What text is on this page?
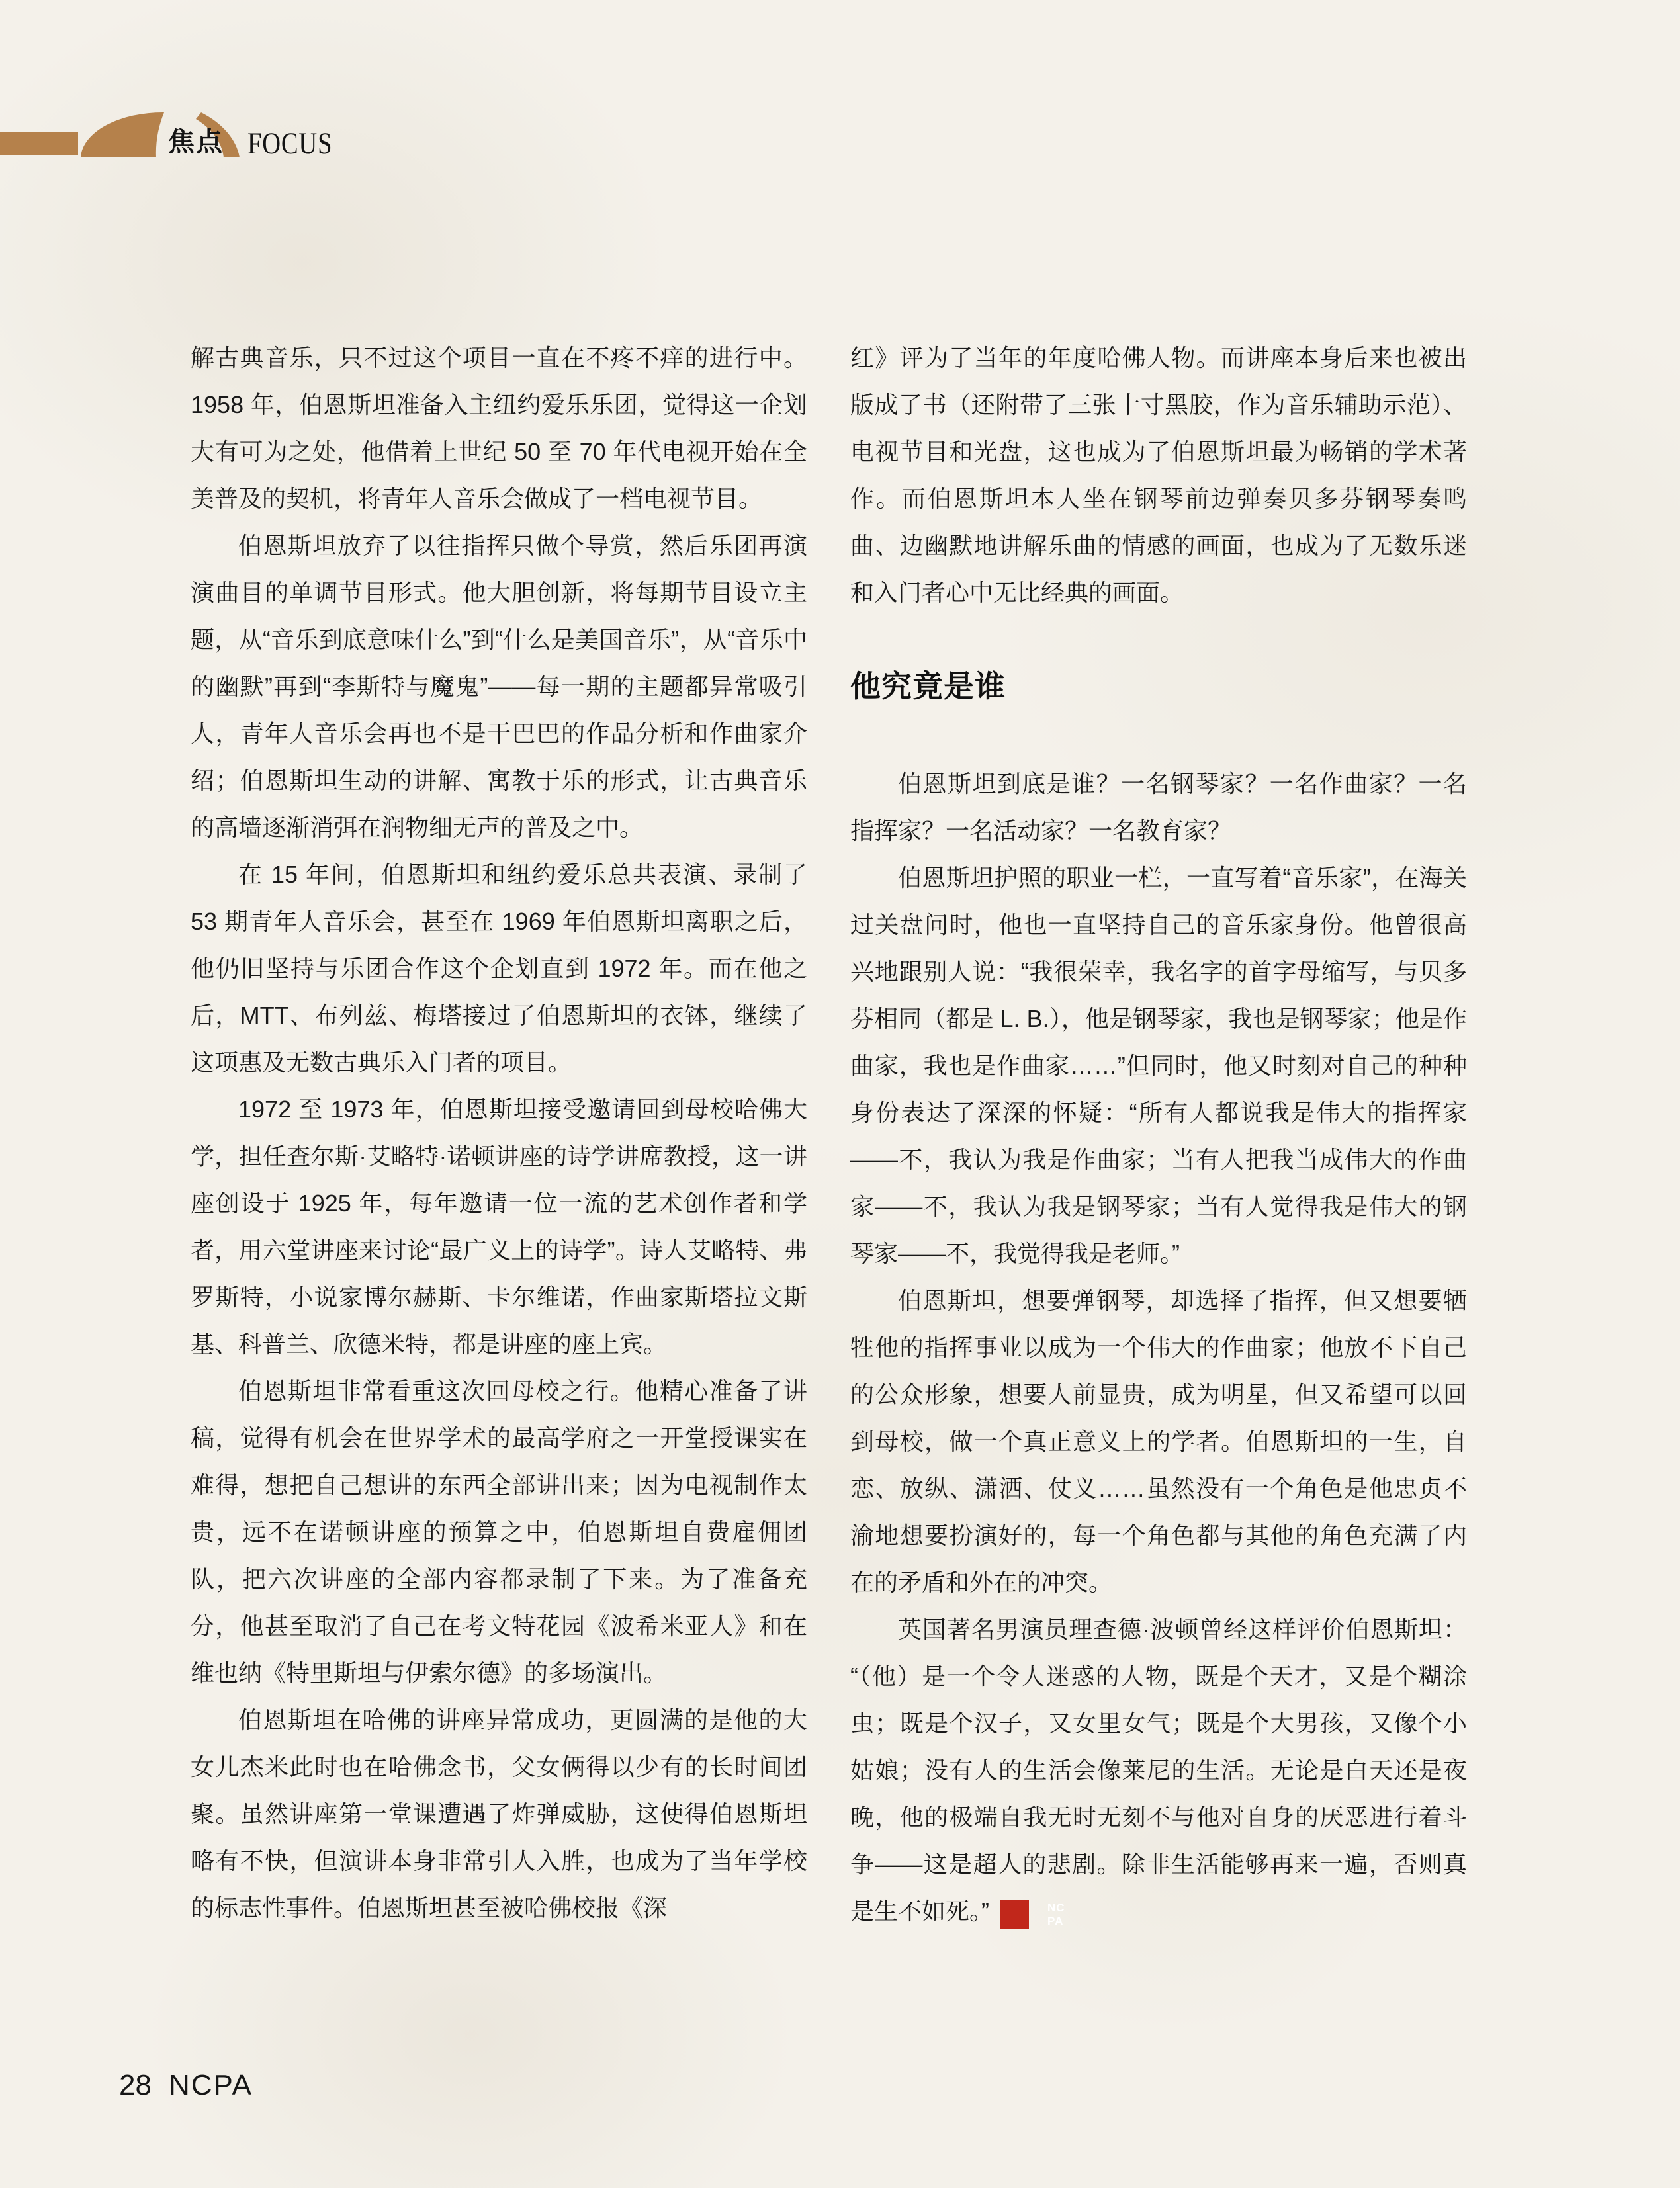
焦点 FOCUS

解古典音乐，只不过这个项目一直在不疼不痒的进行中。1958 年，伯恩斯坦准备入主纽约爱乐乐团，觉得这一企划大有可为之处，他借着上世纪 50 至 70 年代电视开始在全美普及的契机，将青年人音乐会做成了一档电视节目。

伯恩斯坦放弃了以往指挥只做个导赏，然后乐团再演演曲目的单调节目形式。他大胆创新，将每期节目设立主题，从“音乐到底意味什么”到“什么是美国音乐”，从“音乐中的幽默”再到“李斯特与魔鬼”——每一期的主题都异常吸引人，青年人音乐会再也不是干巴巴的作品分析和作曲家介绍；伯恩斯坦生动的讲解、寓教于乐的形式，让古典音乐的高墙逐渐消弭在润物细无声的普及之中。

在 15 年间，伯恩斯坦和纽约爱乐总共表演、录制了 53 期青年人音乐会，甚至在 1969 年伯恩斯坦离职之后，他仍旧坚持与乐团合作这个企划直到 1972 年。而在他之后，MTT、布列兹、梅塔接过了伯恩斯坦的衣钵，继续了这项惠及无数古典乐入门者的项目。

1972 至 1973 年，伯恩斯坦接受邀请回到母校哈佛大学，担任查尔斯·艾略特·诺顿讲座的诗学讲席教授，这一讲座创设于 1925 年，每年邀请一位一流的艺术创作者和学者，用六堂讲座来讨论“最广义上的诗学”。诗人艾略特、弗罗斯特，小说家博尔赫斯、卡尔维诺，作曲家斯塔拉文斯基、科普兰、欣德米特，都是讲座的座上宾。

伯恩斯坦非常看重这次回母校之行。他精心准备了讲稿，觉得有机会在世界学术的最高学府之一开堂授课实在难得，想把自己想讲的东西全部讲出来；因为电视制作太贵，远不在诺顿讲座的预算之中，伯恩斯坦自费雇佣团队，把六次讲座的全部内容都录制了下来。为了准备充分，他甚至取消了自己在考文特花园《波希米亚人》和在维也纳《特里斯坦与伊索尔德》的多场演出。

伯恩斯坦在哈佛的讲座异常成功，更圆满的是他的大女儿杰米此时也在哈佛念书，父女俩得以少有的长时间团聚。虽然讲座第一堂课遭遇了炸弹威胁，这使得伯恩斯坦略有不快，但演讲本身非常引人入胜，也成为了当年学校的标志性事件。伯恩斯坦甚至被哈佛校报《深

红》评为了当年的年度哈佛人物。而讲座本身后来也被出版成了书（还附带了三张十寸黑胶，作为音乐辅助示范）、电视节目和光盘，这也成为了伯恩斯坦最为畅销的学术著作。而伯恩斯坦本人坐在钢琴前边弹奏贝多芬钢琴奏鸣曲、边幽默地讲解乐曲的情感的画面，也成为了无数乐迷和入门者心中无比经典的画面。

他究竟是谁

伯恩斯坦到底是谁？一名钢琴家？一名作曲家？一名指挥家？一名活动家？一名教育家？

伯恩斯坦护照的职业一栏，一直写着“音乐家”，在海关过关盘问时，他也一直坚持自己的音乐家身份。他曾很高兴地跟别人说：“我很荣幸，我名字的首字母缩写，与贝多芬相同（都是 L. B.），他是钢琴家，我也是钢琴家；他是作曲家，我也是作曲家……”但同时，他又时刻对自己的种种身份表达了深深的怀疑：“所有人都说我是伟大的指挥家——不，我认为我是作曲家；当有人把我当成伟大的作曲家——不，我认为我是钢琴家；当有人觉得我是伟大的钢琴家——不，我觉得我是老师。”

伯恩斯坦，想要弹钢琴，却选择了指挥，但又想要牺牲他的指挥事业以成为一个伟大的作曲家；他放不下自己的公众形象，想要人前显贵，成为明星，但又希望可以回到母校，做一个真正意义上的学者。伯恩斯坦的一生，自恋、放纵、潇洒、仗义……虽然没有一个角色是他忠贞不渝地想要扮演好的，每一个角色都与其他的角色充满了内在的矛盾和外在的冲突。

英国著名男演员理查德·波顿曾经这样评价伯恩斯坦：“（他）是一个令人迷惑的人物，既是个天才，又是个糊涂虫；既是个汉子，又女里女气；既是个大男孩，又像个小姑娘；没有人的生活会像莱尼的生活。无论是白天还是夜晚，他的极端自我无时无刻不与他对自身的厌恶进行着斗争——这是超人的悲剧。除非生活能够再来一遍，否则真是生不如死。”	NC
PA

28 NCPA
